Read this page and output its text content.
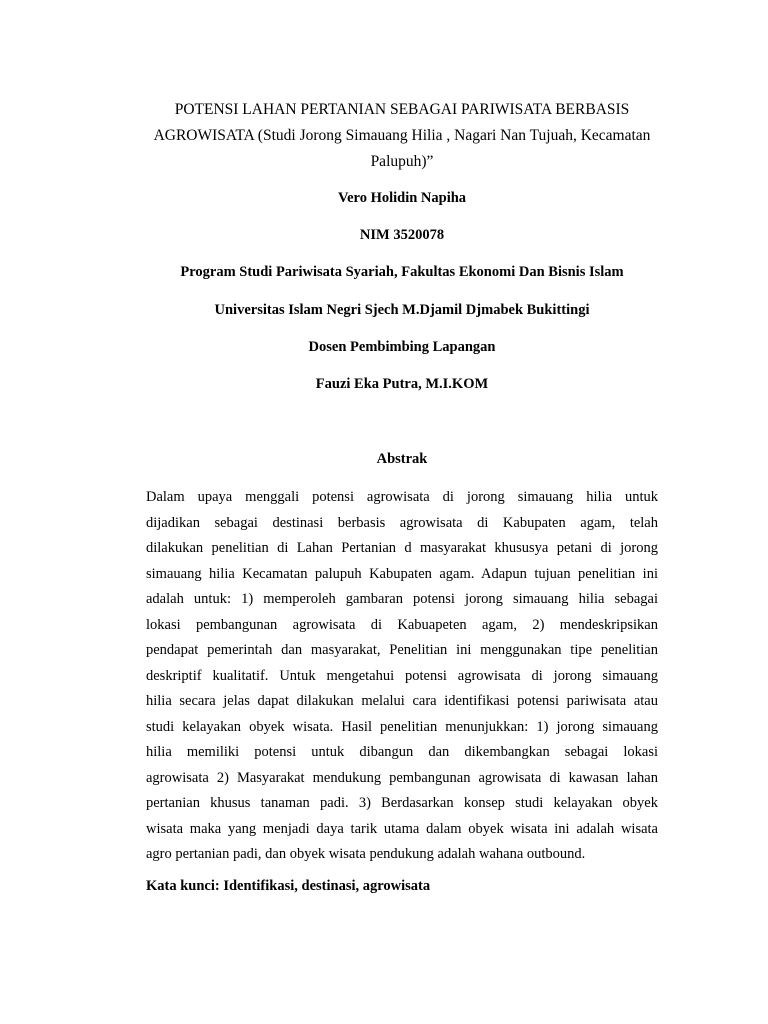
POTENSI LAHAN PERTANIAN SEBAGAI PARIWISATA BERBASIS
AGROWISATA (Studi Jorong Simauang Hilia , Nagari Nan Tujuah, Kecamatan
Palupuh)”
Vero Holidin Napiha
NIM 3520078
Program Studi Pariwisata Syariah, Fakultas Ekonomi Dan Bisnis Islam
Universitas Islam Negri Sjech M.Djamil Djmabek Bukittingi
Dosen Pembimbing Lapangan
Fauzi Eka Putra, M.I.KOM
Abstrak
Dalam upaya menggali potensi agrowisata di jorong simauang hilia untuk
dijadikan sebagai destinasi berbasis agrowisata di Kabupaten agam, telah
dilakukan penelitian di Lahan Pertanian d masyarakat khususya petani di jorong
simauang hilia Kecamatan palupuh Kabupaten agam. Adapun tujuan penelitian ini
adalah untuk: 1) memperoleh gambaran potensi jorong simauang hilia sebagai
lokasi pembangunan agrowisata di Kabuapeten agam, 2) mendeskripsikan
pendapat pemerintah dan masyarakat, Penelitian ini menggunakan tipe penelitian
deskriptif kualitatif. Untuk mengetahui potensi agrowisata di jorong simauang
hilia secara jelas dapat dilakukan melalui cara identifikasi potensi pariwisata atau
studi kelayakan obyek wisata. Hasil penelitian menunjukkan: 1) jorong simauang
hilia memiliki potensi untuk dibangun dan dikembangkan sebagai lokasi
agrowisata 2) Masyarakat mendukung pembangunan agrowisata di kawasan lahan
pertanian khusus tanaman padi. 3) Berdasarkan konsep studi kelayakan obyek
wisata maka yang menjadi daya tarik utama dalam obyek wisata ini adalah wisata
agro pertanian padi, dan obyek wisata pendukung adalah wahana outbound.
Kata kunci: Identifikasi, destinasi, agrowisata
